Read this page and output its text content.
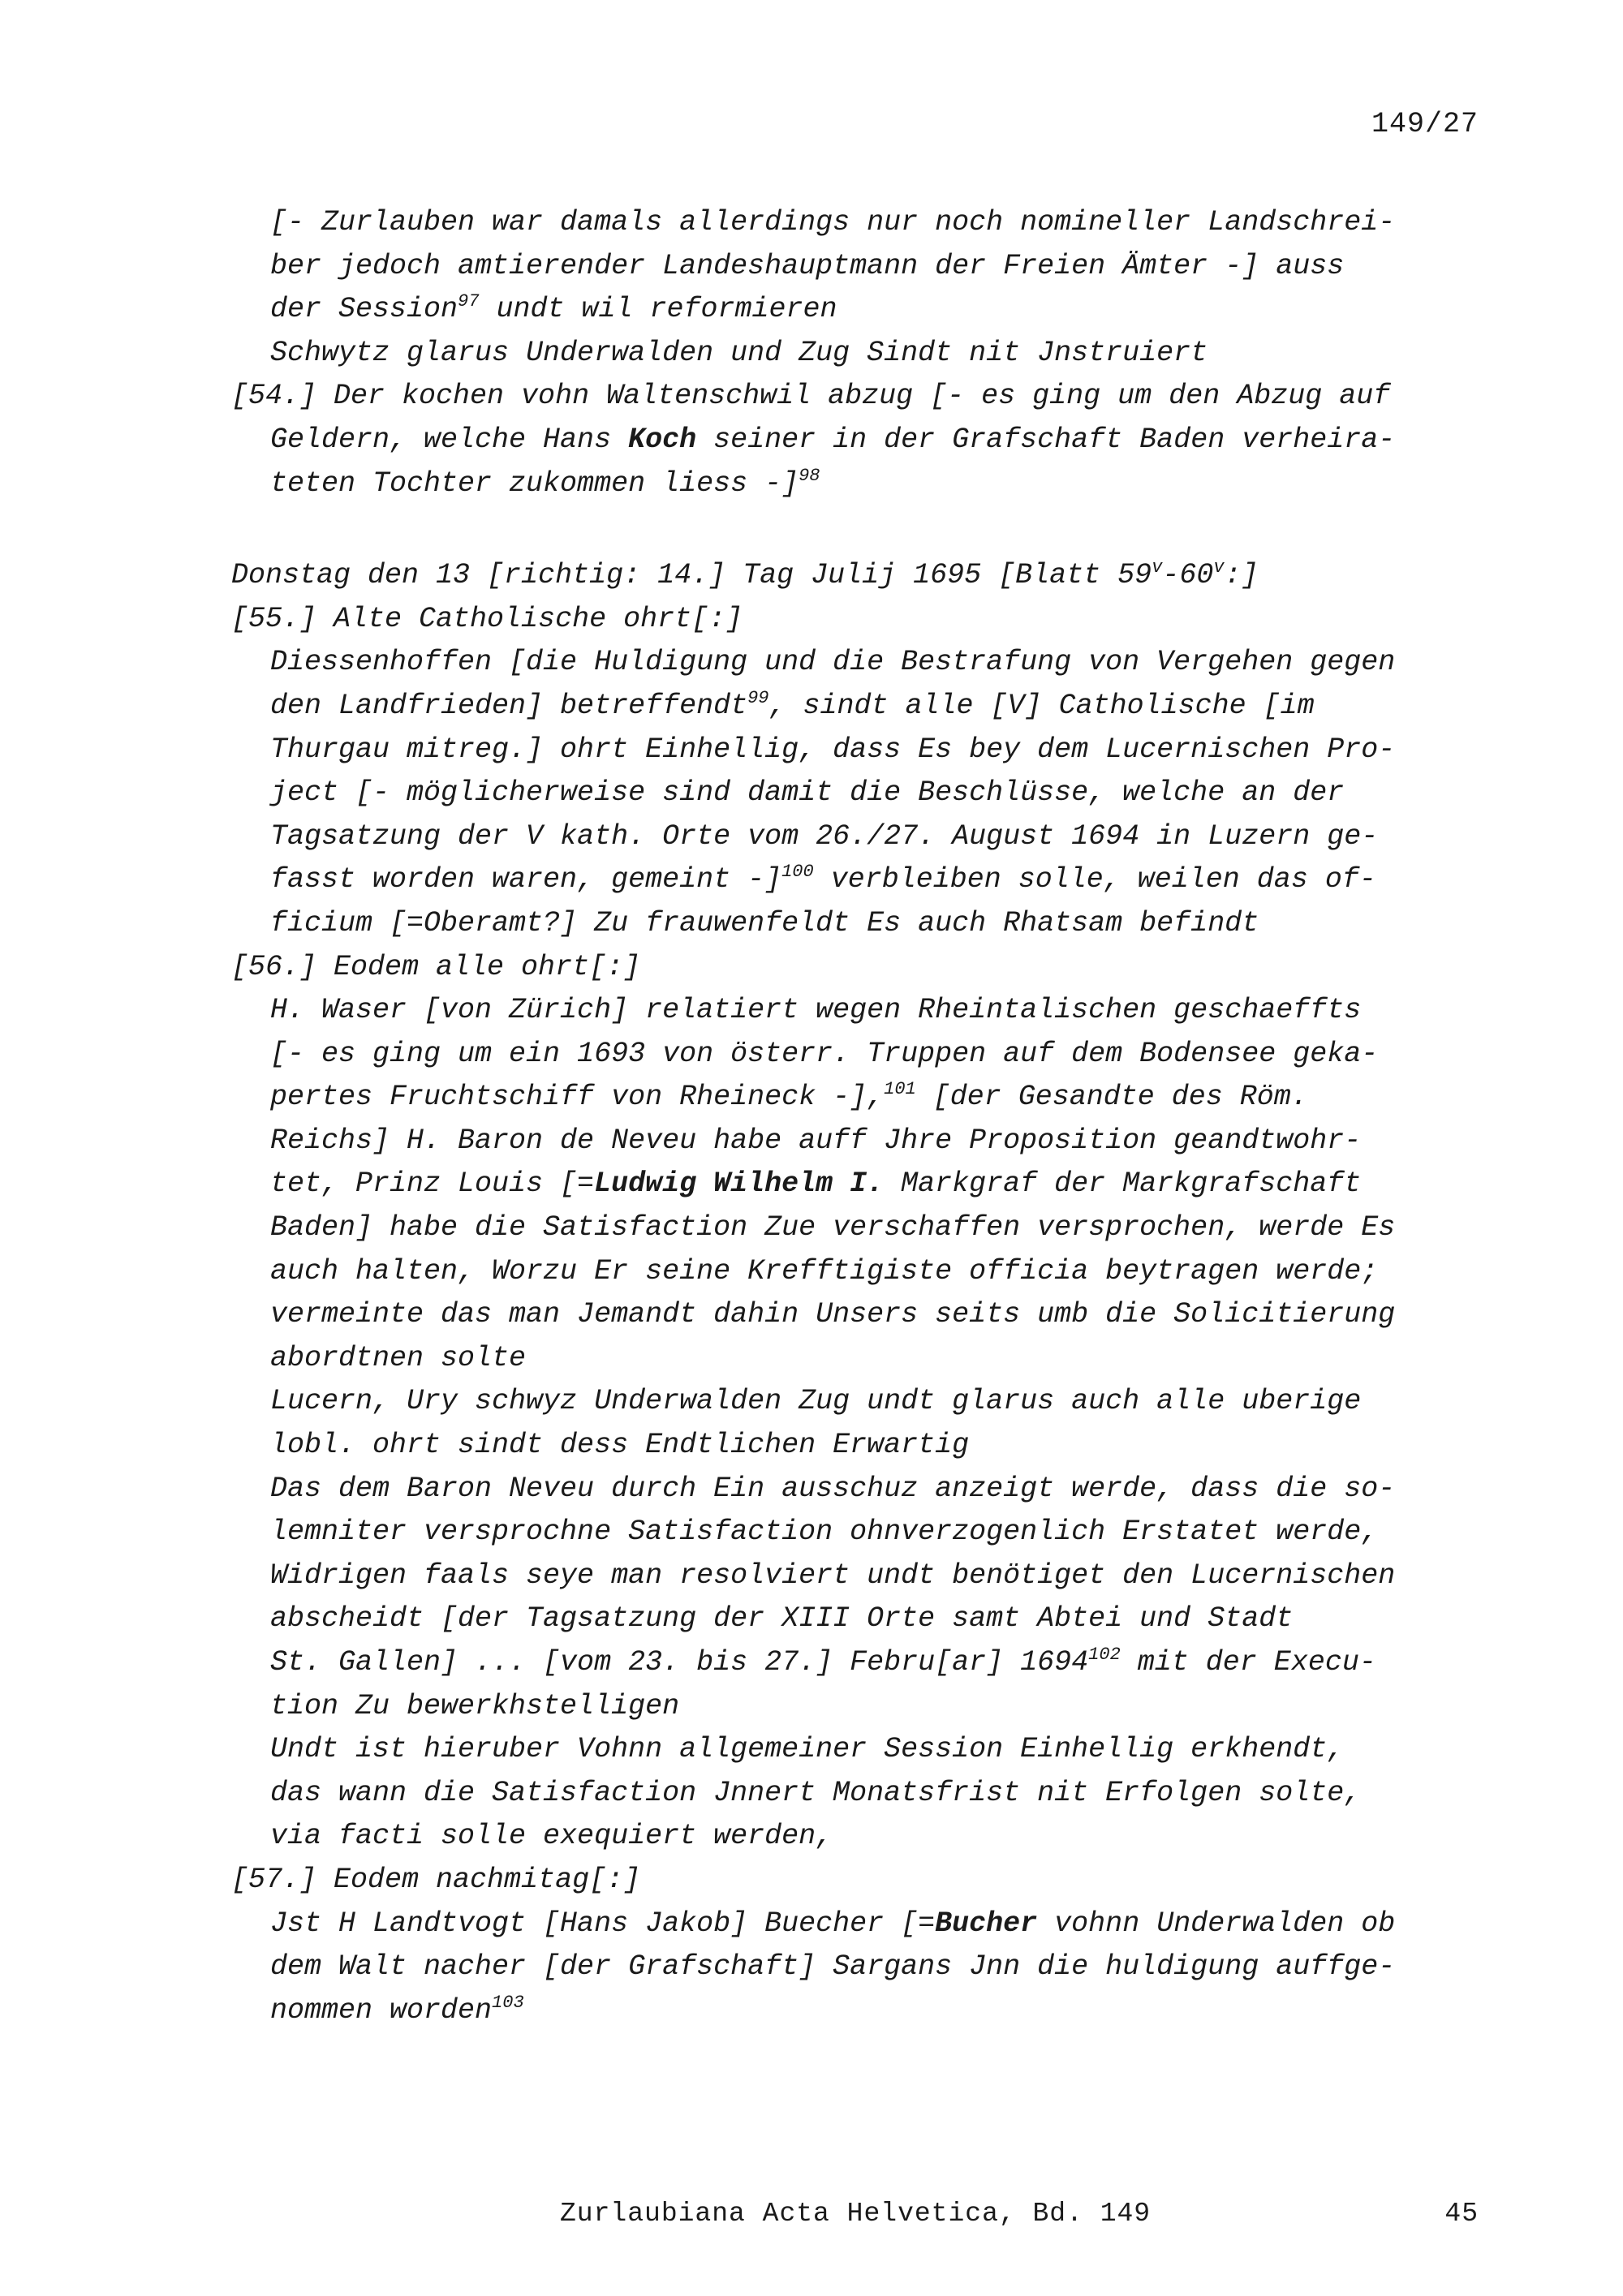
149/27
[- Zurlauben war damals allerdings nur noch nomineller Landschrei-
ber jedoch amtierender Landeshauptmann der Freien Ämter -] auss
der Session$^{97}$ undt wil reformieren
Schwytz glarus Underwalden und Zug Sindt nit Jnstruiert
[54.] Der kochen vohn Waltenschwil abzug [- es ging um den Abzug auf
Geldern, welche Hans Koch seiner in der Grafschaft Baden verheira-
teten Tochter zukommen liess -]$^{98}$
Donstag den 13 [richtig: 14.] Tag Julij 1695 [Blatt 59$^v$-60$^v$:]
[55.] Alte Catholische ohrt[:]
Diessenhoffen [die Huldigung und die Bestrafung von Vergehen gegen
den Landfrieden] betreffendt$^{99}$, sindt alle [V] Catholische [im
Thurgau mitreg.] ohrt Einhellig, dass Es bey dem Lucernischen Pro-
ject [- möglicherweise sind damit die Beschlüsse, welche an der
Tagsatzung der V kath. Orte vom 26./27. August 1694 in Luzern ge-
fasst worden waren, gemeint -]$^{100}$ verbleiben solle, weilen das of-
ficium [=Oberamt?] Zu frauwenfeldt Es auch Rhatsam befindt
[56.] Eodem alle ohrt[:]
H. Waser [von Zürich] relatiert wegen Rheintalischen geschaeffts
[- es ging um ein 1693 von österr. Truppen auf dem Bodensee geka-
pertes Fruchtschiff von Rheineck -],$^{101}$ [der Gesandte des Röm.
Reichs] H. Baron de Neveu habe auff Jhre Proposition geandtwohr-
tet, Prinz Louis [=Ludwig Wilhelm I. Markgraf der Markgrafschaft
Baden] habe die Satisfaction Zue verschaffen versprochen, werde Es
auch halten, Worzu Er seine Krefftigiste officia beytragen werde;
vermeinte das man Jemandt dahin Unsers seits umb die Solicitierung
abordtnen solte
Lucern, Ury schwyz Underwalden Zug undt glarus auch alle uberige
lobl. ohrt sindt dess Endtlichen Erwartig
Das dem Baron Neveu durch Ein ausschuz anzeigt werde, dass die so-
lemniter versprochne Satisfaction ohnverzogenlich Erstatet werde,
Widrigen faals seye man resolviert undt benötiget den Lucernischen
abscheidt [der Tagsatzung der XIII Orte samt Abtei und Stadt
St. Gallen] ... [vom 23. bis 27.] Febru[ar] 1694$^{102}$ mit der Execu-
tion Zu bewerkhstelligen
Undt ist hieruber Vohnn allgemeiner Session Einhellig erkhendt,
das wann die Satisfaction Jnnert Monatsfrist nit Erfolgen solte,
via facti solle exequiert werden,
[57.] Eodem nachmitag[:]
Jst H Landtvogt [Hans Jakob] Buecher [=Bucher vohnn Underwalden ob
dem Walt nacher [der Grafschaft] Sargans Jnn die huldigung auffge-
nommen worden$^{103}$
Zurlaubiana Acta Helvetica, Bd. 149	45
